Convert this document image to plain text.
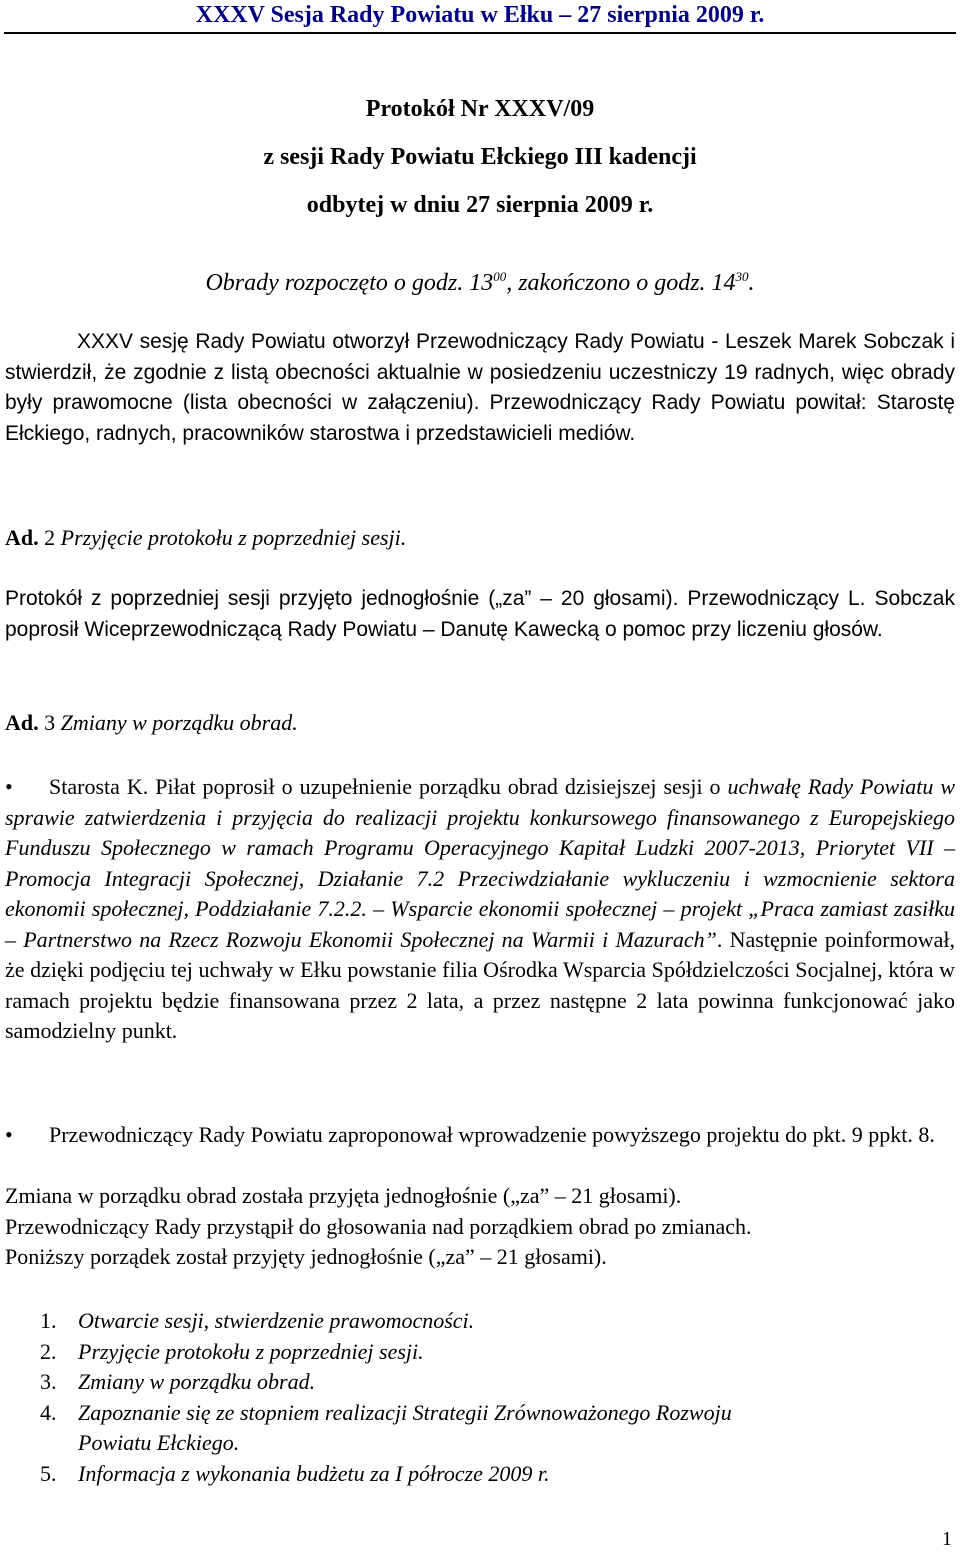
XXXV Sesja Rady Powiatu w Ełku – 27 sierpnia 2009 r.
Protokół Nr XXXV/09
z sesji Rady Powiatu Ełckiego III kadencji
odbytej w dniu 27 sierpnia 2009 r.
Obrady rozpoczęto o godz. $13^{00}$, zakończono o godz. $14^{30}$.
XXXV sesję Rady Powiatu otworzył Przewodniczący Rady Powiatu - Leszek Marek Sobczak i stwierdził, że zgodnie z listą obecności aktualnie w posiedzeniu uczestniczy 19 radnych, więc obrady były prawomocne (lista obecności w załączeniu). Przewodniczący Rady Powiatu powitał: Starostę Ełckiego, radnych, pracowników starostwa i przedstawicieli mediów.
Ad. 2 Przyjęcie protokołu z poprzedniej sesji.
Protokół z poprzedniej sesji przyjęto jednogłośnie („za” – 20 głosami). Przewodniczący L. Sobczak poprosił Wiceprzewodniczącą Rady Powiatu – Danutę Kawecką o pomoc przy liczeniu głosów.
Ad. 3 Zmiany w porządku obrad.
• Starosta K. Piłat poprosił o uzupełnienie porządku obrad dzisiejszej sesji o uchwałę Rady Powiatu w sprawie zatwierdzenia i przyjęcia do realizacji projektu konkursowego finansowanego z Europejskiego Funduszu Społecznego w ramach Programu Operacyjnego Kapitał Ludzki 2007-2013, Priorytet VII – Promocja Integracji Społecznej, Działanie 7.2 Przeciwdziałanie wykluczeniu i wzmocnienie sektora ekonomii społecznej, Poddziałanie 7.2.2. – Wsparcie ekonomii społecznej – projekt „Praca zamiast zasiłku – Partnerstwo na Rzecz Rozwoju Ekonomii Społecznej na Warmii i Mazurach”. Następnie poinformował, że dzięki podjęciu tej uchwały w Ełku powstanie filia Ośrodka Wsparcia Spółdzielczości Socjalnej, która w ramach projektu będzie finansowana przez 2 lata, a przez następne 2 lata powinna funkcjonować jako samodzielny punkt.
• Przewodniczący Rady Powiatu zaproponował wprowadzenie powyższego projektu do pkt. 9 ppkt. 8.
Zmiana w porządku obrad została przyjęta jednogłośnie („za” – 21 głosami).
Przewodniczący Rady przystąpił do głosowania nad porządkiem obrad po zmianach.
Poniższy porządek został przyjęty jednogłośnie („za” – 21 głosami).
1. Otwarcie sesji, stwierdzenie prawomocności.
2. Przyjęcie protokołu z poprzedniej sesji.
3. Zmiany w porządku obrad.
4. Zapoznanie się ze stopniem realizacji Strategii Zrównoważonego Rozwoju
Powiatu Ełckiego.
5. Informacja z wykonania budżetu za I półrocze 2009 r.
1
